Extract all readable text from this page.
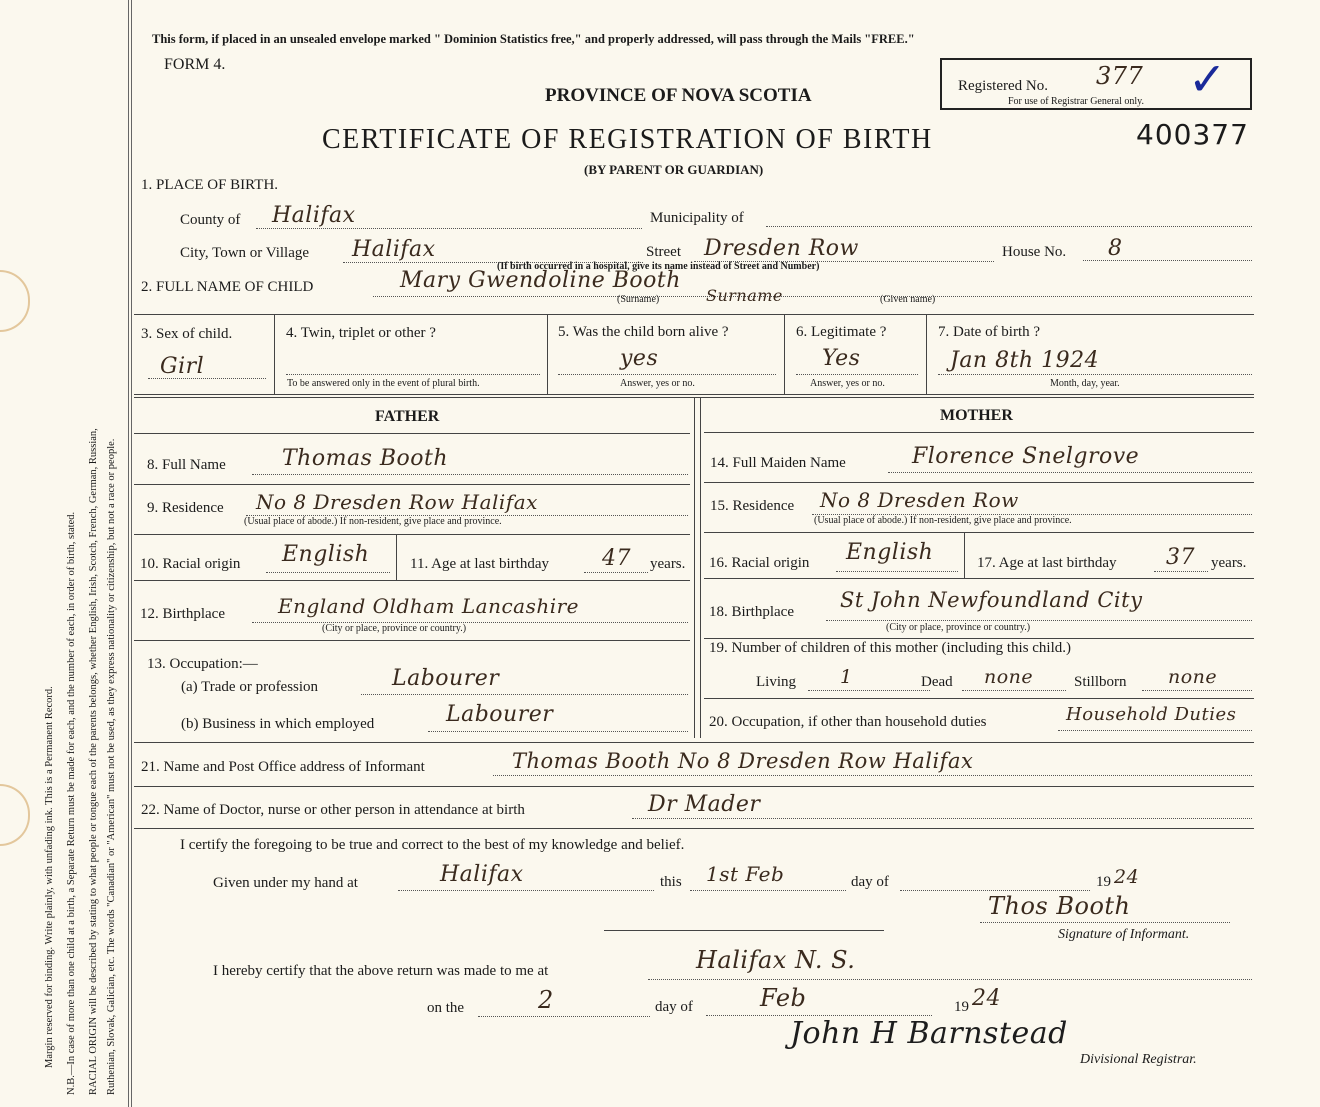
Margin reserved for binding. Write plainly, with unfading ink. This is a Permanent Record. N.B.—In case of more than one child at a birth, a Separate Return must be made for each, and the number of each, in order of birth, stated. RACIAL ORIGIN will be described by stating to what people or tongue each of the parents belongs, whether English, Irish, Scotch, French, German, Russian, Ruthenian, Slovak, Galician, etc. The words "Canadian" or "American" must not be used, as they express nationality or citizenship, but not a race or people.
This form, if placed in an unsealed envelope marked " Dominion Statistics free," and properly addressed, will pass through the Mails "FREE."
FORM 4.
PROVINCE OF NOVA SCOTIA
CERTIFICATE OF REGISTRATION OF BIRTH
(BY PARENT OR GUARDIAN)
Registered No. 377
For use of Registrar General only. ✓
400377
1. PLACE OF BIRTH.
County of Halifax	Municipality of
City, Town or Village Halifax	Street Dresden Row	House No. 8
(If birth occurred in a hospital, give its name instead of Street and Number)
2. FULL NAME OF CHILD	Mary Gwendoline Booth
(Surname)	Surname	(Given name)
3. Sex of child.
Girl
4. Twin, triplet or other ?
To be answered only in the event of plural birth.
5. Was the child born alive ?
yes
Answer, yes or no.
6. Legitimate ?
Yes
Answer, yes or no.
7. Date of birth ?
Jan 8th 1924
Month, day, year.
FATHER	MOTHER
8. Full Name	Thomas Booth	14. Full Maiden Name	Florence Snelgrove
9. Residence No 8 Dresden Row Halifax
(Usual place of abode.) If non-resident, give place and province.
15. Residence No 8 Dresden Row
(Usual place of abode.) If non-resident, give place and province.
10. Racial origin English	11. Age at last birthday 47 years. 16. Racial origin English	17. Age at last birthday 37 years.
12. Birthplace	England Oldham Lancashire
(City or place, province or country.)
18. Birthplace St John Newfoundland City
(City or place, province or country.)
13. Occupation:—
(a) Trade or profession	Labourer
(b) Business in which employed	Labourer
19. Number of children of this mother (including this child.)
Living 1	Dead none	Stillborn none
20. Occupation, if other than household duties	Household Duties
21. Name and Post Office address of Informant	Thomas Booth No 8 Dresden Row Halifax
22. Name of Doctor, nurse or other person in attendance at birth	Dr Mader
I certify the foregoing to be true and correct to the best of my knowledge and belief.
Given under my hand at	Halifax	this 1st Feb	day of	19 24
Thos Booth
Signature of Informant.
I hereby certify that the above return was made to me at	Halifax N. S.
on the	2	day of	Feb	19 24
John H Barnstead
Divisional Registrar.
